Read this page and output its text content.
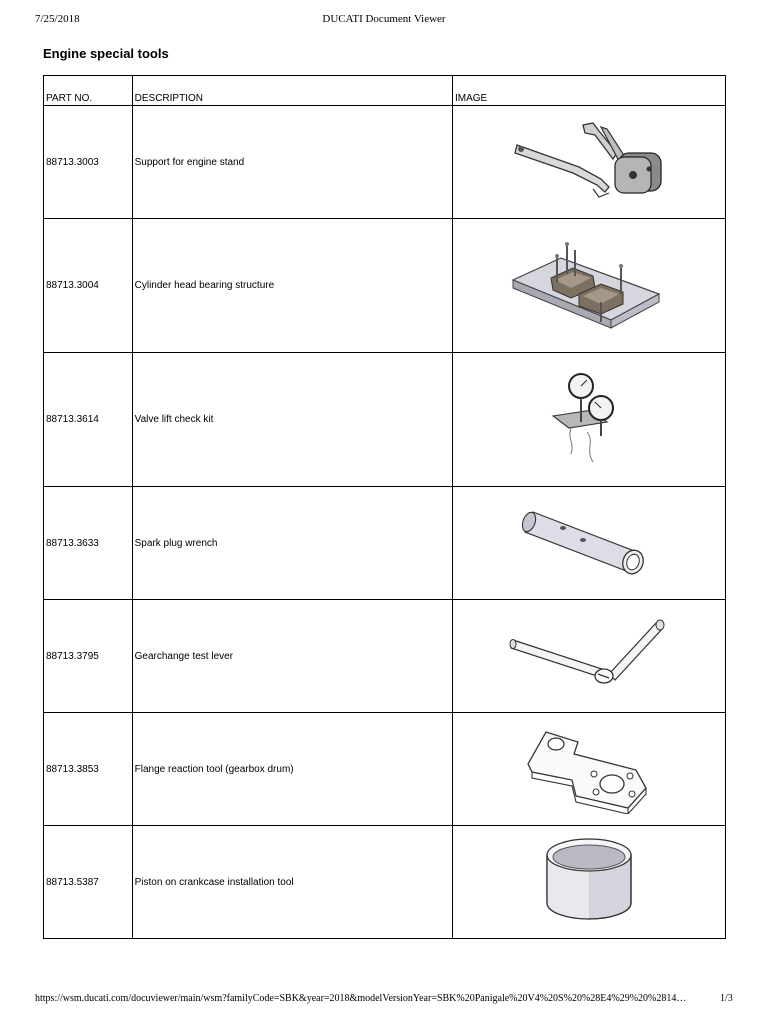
7/25/2018	DUCATI Document Viewer
Engine special tools
PART NO.	DESCRIPTION	IMAGE
88713.3003	Support for engine stand	

88713.3004	Cylinder head bearing structure	

88713.3614	Valve lift check kit	

88713.3633	Spark plug wrench	

88713.3795	Gearchange test lever	

88713.3853	Flange reaction tool (gearbox drum)	

88713.5387	Piston on crankcase installation tool	
https://wsm.ducati.com/docuviewer/main/wsm?familyCode=SBK&year=2018&modelVersionYear=SBK%20Panigale%20V4%20S%20%28E4%29%20%2814…	1/3
